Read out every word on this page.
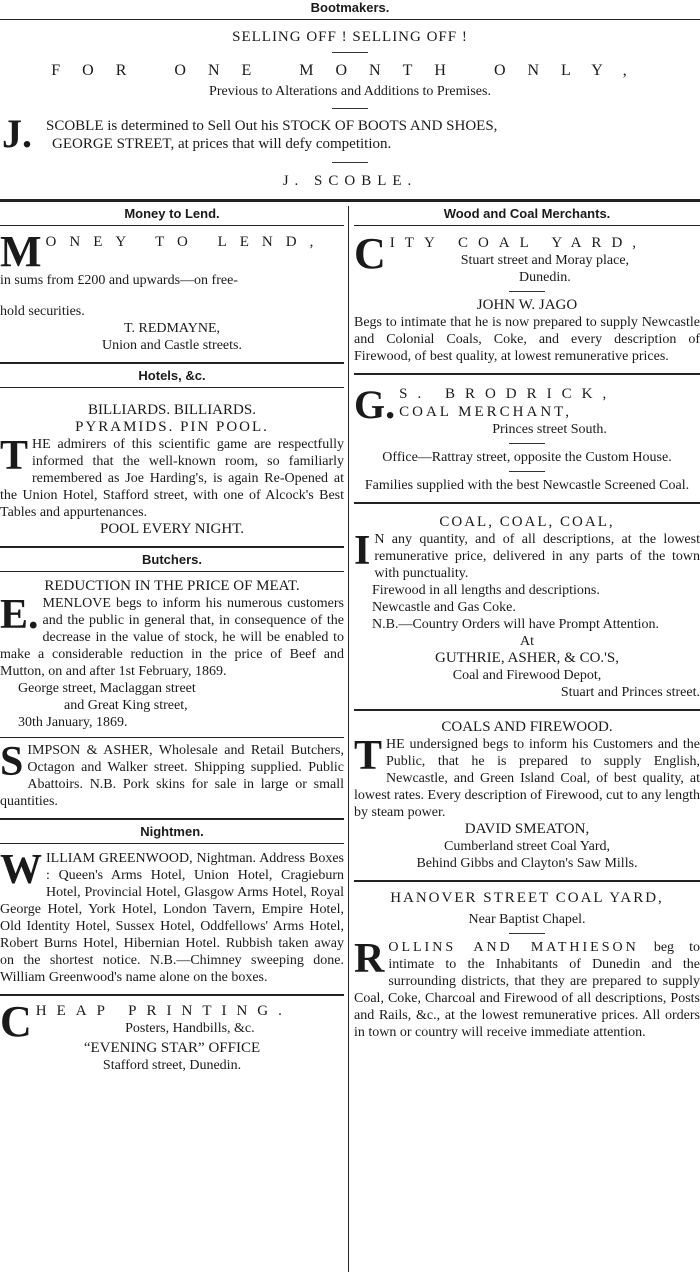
Bootmakers.
SELLING OFF ! SELLING OFF !
FOR ONE MONTH ONLY,
Previous to Alterations and Additions to Premises.
J. SCOBLE is determined to Sell Out his STOCK OF BOOTS AND SHOES,
GEORGE STREET, at prices that will defy competition.
J. SCOBLE.
Money to Lend.
M ONEY TO LEND,

in sums from £200 and upwards—on free-

hold securities.

T. REDMAYNE,

Union and Castle streets.

Hotels, &c.

BILLIARDS. BILLIARDS.

PYRAMIDS. PIN POOL.

THE admirers of this scientific game are respectfully informed that the well-known room, so familiarly remembered as Joe Harding's, is again Re-Opened at the Union Hotel, Stafford street, with one of Alcock's Best Tables and appurtenances.

POOL EVERY NIGHT.

Butchers.

REDUCTION IN THE PRICE OF MEAT.

E. MENLOVE begs to inform his numerous customers and the public in general that, in consequence of the decrease in the value of stock, he will be enabled to make a considerable reduction in the price of Beef and Mutton, on and after 1st February, 1869.

George street, Maclaggan street

and Great King street,

30th January, 1869.

SIMPSON & ASHER, Wholesale and Retail Butchers, Octagon and Walker street. Shipping supplied. Public Abattoirs. N.B. Pork skins for sale in large or small quantities.

Nightmen.

WILLIAM GREENWOOD, Nightman. Address Boxes : Queen's Arms Hotel, Union Hotel, Cragieburn Hotel, Provincial Hotel, Glasgow Arms Hotel, Royal George Hotel, York Hotel, London Tavern, Empire Hotel, Old Identity Hotel, Sussex Hotel, Oddfellows' Arms Hotel, Robert Burns Hotel, Hibernian Hotel. Rubbish taken away on the shortest notice. N.B.—Chimney sweeping done. William Greenwood's name alone on the boxes.

C HEAP PRINTING.

Posters, Handbills, &c.

“EVENING STAR” OFFICE

Stafford street, Dunedin.

Wood and Coal Merchants.
C ITY COAL YARD,

Stuart street and Moray place,

Dunedin.

JOHN W. JAGO

Begs to intimate that he is now prepared to supply Newcastle and Colonial Coals, Coke, and every description of Firewood, of best quality, at lowest remunerative prices.

G. S. BRODRICK,
COAL MERCHANT,

Princes street South.

Office—Rattray street, opposite the Custom House.

Families supplied with the best Newcastle Screened Coal.

COAL, COAL, COAL,

I N any quantity, and of all descriptions, at the lowest remunerative price, delivered in any parts of the town with punctuality.

Firewood in all lengths and descriptions.

Newcastle and Gas Coke.

N.B.—Country Orders will have Prompt Attention.

At

GUTHRIE, ASHER, & CO.'S,

Coal and Firewood Depot,

Stuart and Princes street.

COALS AND FIREWOOD.

THE undersigned begs to inform his Customers and the Public, that he is prepared to supply English, Newcastle, and Green Island Coal, of best quality, at lowest rates. Every description of Firewood, cut to any length by steam power.

DAVID SMEATON,

Cumberland street Coal Yard,

Behind Gibbs and Clayton's Saw Mills.

HANOVER STREET COAL YARD,

Near Baptist Chapel.

ROLLINS AND MATHIESON beg to intimate to the Inhabitants of Dunedin and the surrounding districts, that they are prepared to supply Coal, Coke, Charcoal and Firewood of all descriptions, Posts and Rails, &c., at the lowest remunerative prices. All orders in town or country will receive immediate attention.
